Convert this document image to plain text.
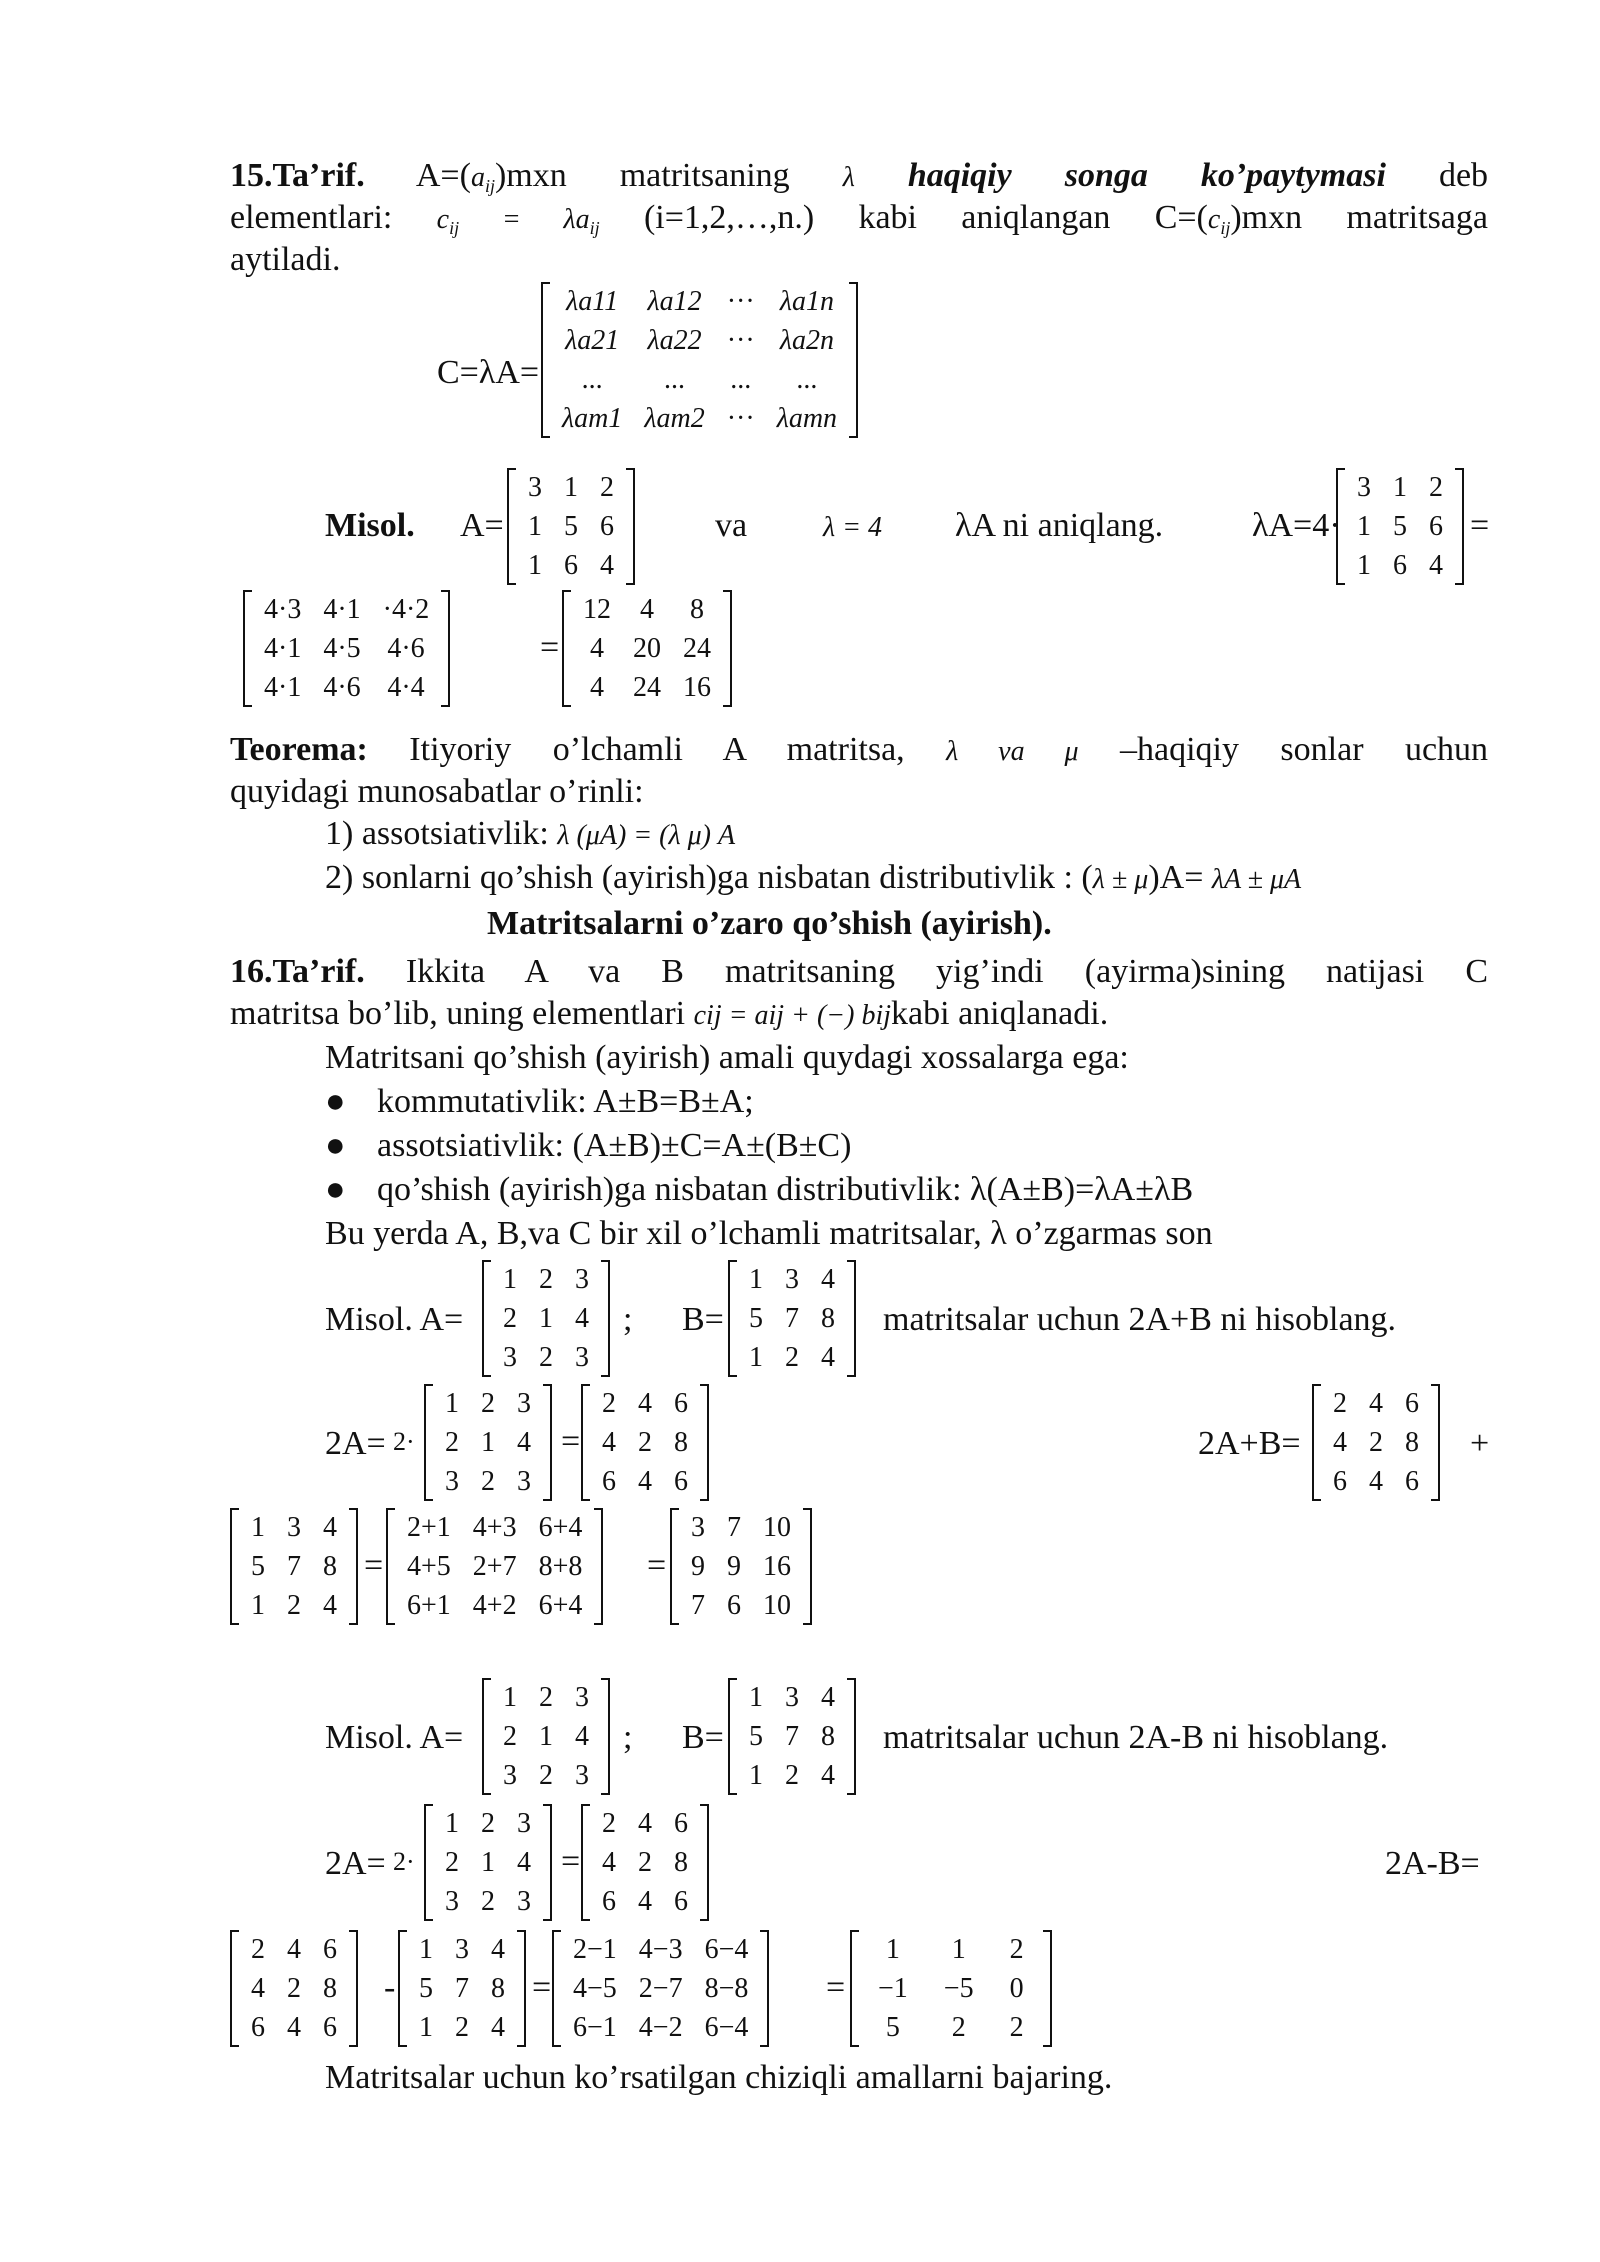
15.Ta’rif. $A=(a_{ij})mxn$ matritsaning λ haqiqiy songa ko’paytymasi deb
elementlari: $c_{ij} = \lambda a_{ij}$ (i=1,2,…,n.) kabi aniqlangan $C=(c_{ij})mxn$ matritsaga
aytiladi.
C=λA=
λa11	λa12	···	λa1n
λa21	λa22	···	λa2n
...	...	...	...
λam1	λam2	···	λamn
Misol. A=
3	1	2
1	5	6
1	6	4
va	λ = 4 λA ni aniqlang.	λA=4·
3	1	2
1	5	6
1	6	4
=
4·3	4·1	·4·2
4·1	4·5	4·6
4·1	4·6	4·4
=
12	4	8
4	20	24
4	24	16
Teorema: Itiyoriy o’lchamli A matritsa, λ va μ –haqiqiy sonlar uchun
quyidagi munosabatlar o’rinli:
1) assotsiativlik: λ (μA) = (λ μ) A
2) sonlarni qo’shish (ayirish)ga nisbatan distributivlik : (λ ± μ)A= λA ± μA
Matritsalarni o’zaro qo’shish (ayirish).
16.Ta’rif. Ikkita A va B matritsaning yig’indi (ayirma)sining natijasi C
matritsa bo’lib, uning elementlari cij = aij + (−) bijkabi aniqlanadi.
Matritsani qo’shish (ayirish) amali quydagi xossalarga ega:
● kommutativlik: A±B=B±A;
● assotsiativlik: (A±B)±C=A±(B±C)
● qo’shish (ayirish)ga nisbatan distributivlik: λ(A±B)=λA±λB
Bu yerda A, B,va C bir xil o’lchamli matritsalar, λ o’zgarmas son
Misol. A=
1	2	3
2	1	4
3	2	3
; B=
1	3	4
5	7	8
1	2	4
matritsalar uchun 2A+B ni hisoblang.
2A= 2·
1	2	3
2	1	4
3	2	3
=
2	4	6
4	2	8
6	4	6
2A+B=
2	4	6
4	2	8
6	4	6
+
1	3	4
5	7	8
1	2	4
=
2+1	4+3	6+4
4+5	2+7	8+8
6+1	4+2	6+4
=
3	7	10
9	9	16
7	6	10
Misol. A=
1	2	3
2	1	4
3	2	3
; B=
1	3	4
5	7	8
1	2	4
matritsalar uchun 2A-B ni hisoblang.
2A= 2·
1	2	3
2	1	4
3	2	3
=
2	4	6
4	2	8
6	4	6
2A-B=
2	4	6
4	2	8
6	4	6
-
1	3	4
5	7	8
1	2	4
=
2−1	4−3	6−4
4−5	2−7	8−8
6−1	4−2	6−4
=
1	1	2
−1	−5	0
5	2	2
Matritsalar uchun ko’rsatilgan chiziqli amallarni bajaring.
